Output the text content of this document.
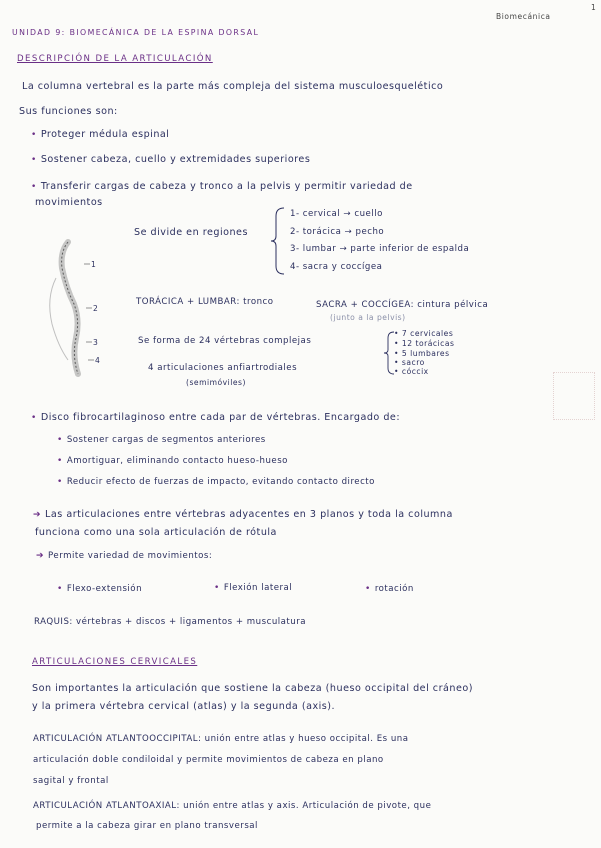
Biomecánica
1
UNIDAD 9: BIOMECÁNICA DE LA ESPINA DORSAL
DESCRIPCIÓN DE LA ARTICULACIÓN
La columna vertebral es la parte más compleja del sistema musculoesquelético
Sus funciones son:
• Proteger médula espinal
• Sostener cabeza, cuello y extremidades superiores
• Transferir cargas de cabeza y tronco a la pelvis y permitir variedad de
movimientos
Se divide en regiones
1- cervical → cuello
2- torácica → pecho
3- lumbar → parte inferior de espalda
4- sacra y coccígea
1
2
3
4
TORÁCICA + LUMBAR: tronco	SACRA + COCCÍGEA: cintura pélvica
(junto a la pelvis)
Se forma de 24 vértebras complejas
• 7 cervicales
• 12 torácicas
• 5 lumbares
• sacro
• cóccix
4 articulaciones anfiartrodiales
(semimóviles)
• Disco fibrocartilaginoso entre cada par de vértebras. Encargado de:
• Sostener cargas de segmentos anteriores
• Amortiguar, eliminando contacto hueso-hueso
• Reducir efecto de fuerzas de impacto, evitando contacto directo
➔ Las articulaciones entre vértebras adyacentes en 3 planos y toda la columna
funciona como una sola articulación de rótula
➔ Permite variedad de movimientos:
• Flexo-extensión	• Flexión lateral	• rotación
RAQUIS: vértebras + discos + ligamentos + musculatura
ARTICULACIONES CERVICALES
Son importantes la articulación que sostiene la cabeza (hueso occipital del cráneo)
y la primera vértebra cervical (atlas) y la segunda (axis).
ARTICULACIÓN ATLANTOOCCIPITAL: unión entre atlas y hueso occipital. Es una
articulación doble condiloidal y permite movimientos de cabeza en plano
sagital y frontal
ARTICULACIÓN ATLANTOAXIAL: unión entre atlas y axis. Articulación de pivote, que
permite a la cabeza girar en plano transversal
